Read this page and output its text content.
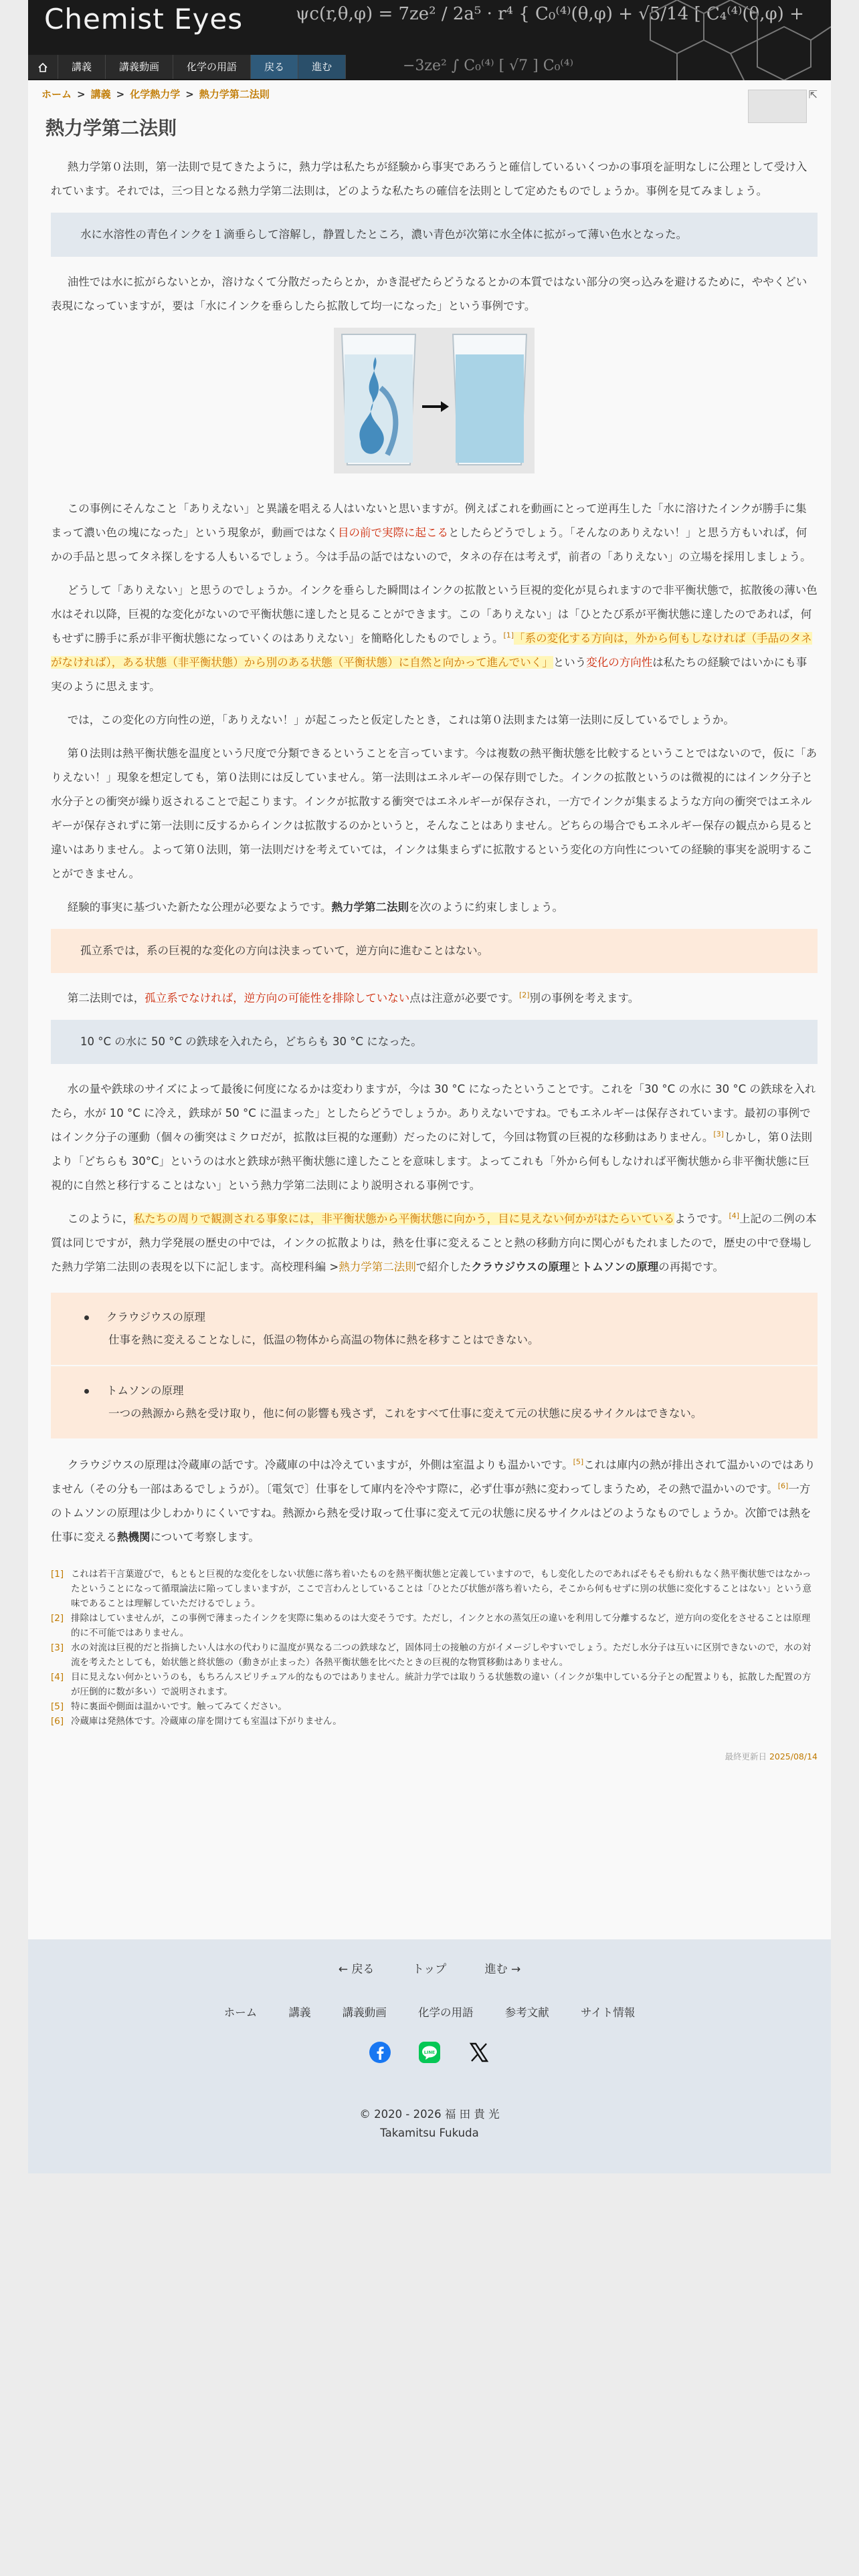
Chemist Eyes	ψc(r,θ,φ) = 7ze² / 2a⁵ · r⁴ { C₀⁽⁴⁾(θ,φ) + √5/14 [ C₄⁽⁴⁾(θ,φ) +
−3ze² ∫ C₀⁽⁴⁾ [ √7 ] C₀⁽⁴⁾
講義	講義動画	化学の用語	戻る	進む
ホーム > 講義 > 化学熱力学 > 熱力学第二法則	⇱
熱力学第二法則

熱力学第０法則，第一法則で見てきたように，熱力学は私たちが経験から事実であろうと確信しているいくつかの事項を証明なしに公理として受け入れています。それでは，三つ目となる熱力学第二法則は，どのような私たちの確信を法則として定めたものでしょうか。事例を見てみましょう。

水に水溶性の青色インクを１滴垂らして溶解し，静置したところ，濃い青色が次第に水全体に拡がって薄い色水となった。

油性では水に拡がらないとか，溶けなくて分散だったらとか，かき混ぜたらどうなるとかの本質ではない部分の突っ込みを避けるために，ややくどい表現になっていますが，要は「水にインクを垂らしたら拡散して均一になった」という事例です。

この事例にそんなこと「ありえない」と異議を唱える人はいないと思いますが。例えばこれを動画にとって逆再生した「水に溶けたインクが勝手に集まって濃い色の塊になった」という現象が，動画ではなく目の前で実際に起こるとしたらどうでしょう。「そんなのありえない！」と思う方もいれば，何かの手品と思ってタネ探しをする人もいるでしょう。今は手品の話ではないので，タネの存在は考えず，前者の「ありえない」の立場を採用しましょう。

どうして「ありえない」と思うのでしょうか。インクを垂らした瞬間はインクの拡散という巨視的変化が見られますので非平衡状態で，拡散後の薄い色水はそれ以降，巨視的な変化がないので平衡状態に達したと見ることができます。この「ありえない」は「ひとたび系が平衡状態に達したのであれば，何もせずに勝手に系が非平衡状態になっていくのはありえない」を簡略化したものでしょう。[1]「系の変化する方向は，外から何もしなければ（手品のタネがなければ），ある状態（非平衡状態）から別のある状態（平衡状態）に自然と向かって進んでいく」という変化の方向性は私たちの経験ではいかにも事実のように思えます。

では，この変化の方向性の逆，「ありえない！」が起こったと仮定したとき，これは第０法則または第一法則に反しているでしょうか。

第０法則は熱平衡状態を温度という尺度で分類できるということを言っています。今は複数の熱平衡状態を比較するということではないので，仮に「ありえない！」現象を想定しても，第０法則には反していません。第一法則はエネルギーの保存則でした。インクの拡散というのは微視的にはインク分子と水分子との衝突が繰り返されることで起こります。インクが拡散する衝突ではエネルギーが保存され，一方でインクが集まるような方向の衝突ではエネルギーが保存されずに第一法則に反するからインクは拡散するのかというと，そんなことはありません。どちらの場合でもエネルギー保存の観点から見ると違いはありません。よって第０法則，第一法則だけを考えていては，インクは集まらずに拡散するという変化の方向性についての経験的事実を説明することができません。

経験的事実に基づいた新たな公理が必要なようです。熱力学第二法則を次のように約束しましょう。

孤立系では，系の巨視的な変化の方向は決まっていて，逆方向に進むことはない。

第二法則では，孤立系でなければ，逆方向の可能性を排除していない点は注意が必要です。[2]別の事例を考えます。

10 °C の水に 50 °C の鉄球を入れたら，どちらも 30 °C になった。

水の量や鉄球のサイズによって最後に何度になるかは変わりますが，今は 30 °C になったということです。これを「30 °C の水に 30 °C の鉄球を入れたら，水が 10 °C に冷え，鉄球が 50 °C に温まった」としたらどうでしょうか。ありえないですね。でもエネルギーは保存されています。最初の事例ではインク分子の運動（個々の衝突はミクロだが，拡散は巨視的な運動）だったのに対して，今回は物質の巨視的な移動はありません。[3]しかし，第０法則より「どちらも 30°C」というのは水と鉄球が熱平衡状態に達したことを意味します。よってこれも「外から何もしなければ平衡状態から非平衡状態に巨視的に自然と移行することはない」という熱力学第二法則により説明される事例です。

このように，私たちの周りで観測される事象には，非平衡状態から平衡状態に向かう，目に見えない何かがはたらいているようです。[4]上記の二例の本質は同じですが，熱力学発展の歴史の中では，インクの拡散よりは，熱を仕事に変えることと熱の移動方向に関心がもたれましたので，歴史の中で登場した熱力学第二法則の表現を以下に記します。高校理科編 >熱力学第二法則で紹介したクラウジウスの原理とトムソンの原理の再掲です。

クラウジウスの原理
仕事を熱に変えることなしに，低温の物体から高温の物体に熱を移すことはできない。
トムソンの原理
一つの熱源から熱を受け取り，他に何の影響も残さず，これをすべて仕事に変えて元の状態に戻るサイクルはできない。

クラウジウスの原理は冷蔵庫の話です。冷蔵庫の中は冷えていますが，外側は室温よりも温かいです。[5]これは庫内の熱が排出されて温かいのではありません（その分も一部はあるでしょうが）。〔電気で〕仕事をして庫内を冷やす際に，必ず仕事が熱に変わってしまうため，その熱で温かいのです。[6]一方のトムソンの原理は少しわかりにくいですね。熱源から熱を受け取って仕事に変えて元の状態に戻るサイクルはどのようなものでしょうか。次節では熱を仕事に変える熱機関について考察します。

[1] これは若干言葉遊びで，もともと巨視的な変化をしない状態に落ち着いたものを熱平衡状態と定義していますので，もし変化したのであればそもそも紛れもなく熱平衡状態ではなかったということになって循環論法に陥ってしまいますが，ここで言わんとしていることは「ひとたび状態が落ち着いたら，そこから何もせずに別の状態に変化することはない」という意味であることは理解していただけるでしょう。
[2] 排除はしていませんが，この事例で薄まったインクを実際に集めるのは大変そうです。ただし，インクと水の蒸気圧の違いを利用して分離するなど，逆方向の変化をさせることは原理的に不可能ではありません。
[3] 水の対流は巨視的だと指摘したい人は水の代わりに温度が異なる二つの鉄球など，固体同士の接触の方がイメージしやすいでしょう。ただし水分子は互いに区別できないので，水の対流を考えたとしても，始状態と終状態の（動きが止まった）各熱平衡状態を比べたときの巨視的な物質移動はありません。
[4] 目に見えない何かというのも，もちろんスピリチュアル的なものではありません。統計力学では取りうる状態数の違い（インクが集中している分子との配置よりも，拡散した配置の方が圧倒的に数が多い）で説明されます。
[5] 特に裏面や側面は温かいです。触ってみてください。
[6] 冷蔵庫は発熱体です。冷蔵庫の扉を開けても室温は下がりません。
最終更新日 2025/08/14
← 戻る	トップ	進む →
ホーム	講義	講義動画	化学の用語	参考文献	サイト情報
LINE
© 2020 - 2026 福 田 貴 光
Takamitsu Fukuda
